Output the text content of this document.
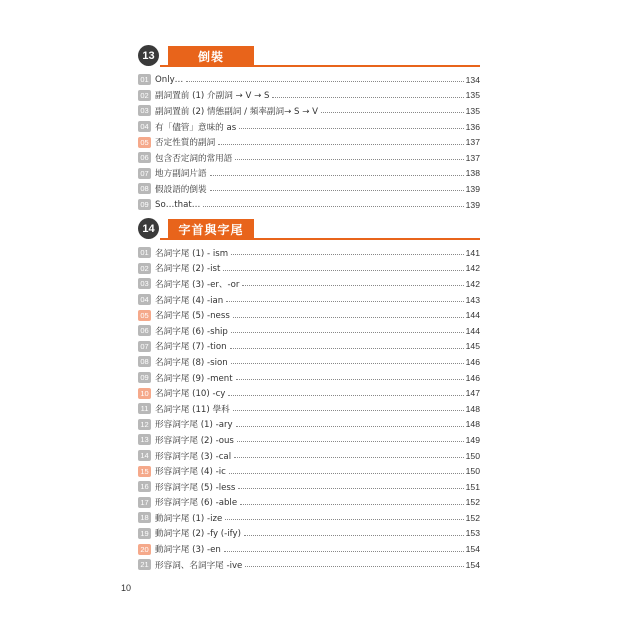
13	倒裝
01 Only…	134
02 副詞置前 (1) 介副詞 → V → S	135
03 副詞置前 (2) 情態副詞 / 頻率副詞→ S → V	135
04 有「儘管」意味的 as	136
05 否定性質的副詞	137
06 包含否定詞的常用語	137
07 地方副詞片語	138
08 假設語的倒裝	139
09 So…that…	139
14	字首與字尾
01 名詞字尾 (1) - ism	141
02 名詞字尾 (2) -ist	142
03 名詞字尾 (3) -er、-or	142
04 名詞字尾 (4) -ian	143
05 名詞字尾 (5) -ness	144
06 名詞字尾 (6) -ship	144
07 名詞字尾 (7) -tion	145
08 名詞字尾 (8) -sion	146
09 名詞字尾 (9) -ment	146
10 名詞字尾 (10) -cy	147
11 名詞字尾 (11) 學科	148
12 形容詞字尾 (1) -ary	148
13 形容詞字尾 (2) -ous	149
14 形容詞字尾 (3) -cal	150
15 形容詞字尾 (4) -ic	150
16 形容詞字尾 (5) -less	151
17 形容詞字尾 (6) -able	152
18 動詞字尾 (1) -ize	152
19 動詞字尾 (2) -fy (-ify)	153
20 動詞字尾 (3) -en	154
21 形容詞、名詞字尾 -ive	154
10
